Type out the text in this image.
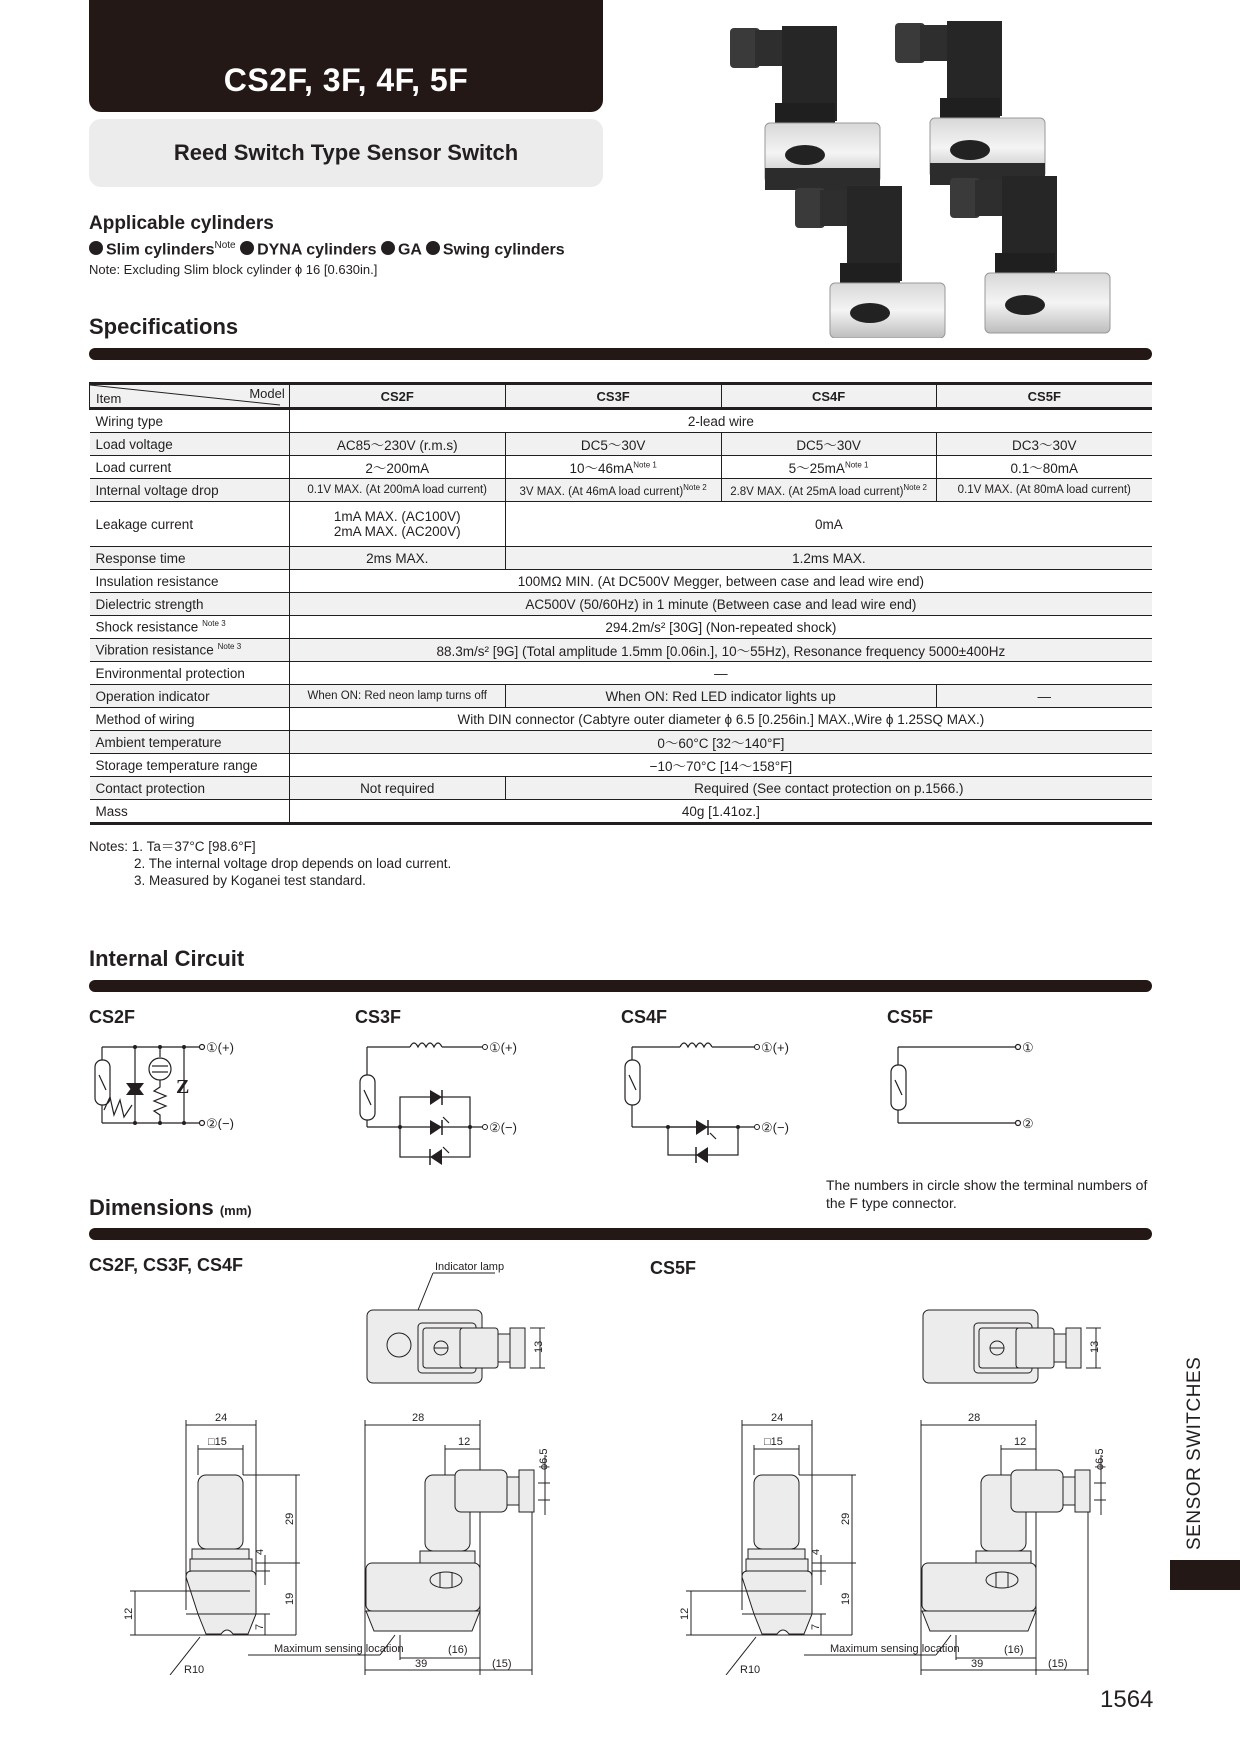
CS2F, 3F, 4F, 5F
Reed Switch Type Sensor Switch
Applicable cylinders
Slim cylinders$^{Note}$ DYNA cylinders GA Swing cylinders
Note: Excluding Slim block cylinder ϕ 16 [0.630in.]
Specifications
Item Model	CS2F	CS3F	CS4F	CS5F
Wiring type	2-lead wire			
Load voltage	AC85〜230V (r.m.s)	DC5〜30V	DC5〜30V	DC3〜30V
Load current	2〜200mA	10〜$46mA^{Note 1}$	5〜$25mA^{Note 1}$	0.1〜80mA
Internal voltage drop	0.1V MAX. (At 200mA load current)	3V MAX. (At 46mA load current)$^{Note 2}$	2.8V MAX. (At 25mA load current)$^{Note 2}$	0.1V MAX. (At 80mA load current)
Leakage current	1mA MAX. (AC100V)
2mA MAX. (AC200V)	0mA		
Response time	2ms MAX.	1.2ms MAX.		
Insulation resistance	100MΩ MIN. (At DC500V Megger, between case and lead wire end)			
Dielectric strength	AC500V (50/60Hz) in 1 minute (Between case and lead wire end)			
Shock resistance $^{Note 3}$	294.2m/s² [30G] (Non-repeated shock)			
Vibration resistance $^{Note 3}$	88.3m/s² [9G] (Total amplitude 1.5mm [0.06in.], 10〜55Hz), Resonance frequency 5000±400Hz			
Environmental protection	—			
Operation indicator	When ON: Red neon lamp turns off	When ON: Red LED indicator lights up		—
Method of wiring	With DIN connector (Cabtyre outer diameter ϕ 6.5 [0.256in.] MAX.,Wire ϕ 1.25SQ MAX.)			
Ambient temperature	0〜60°C [32〜140°F]			
Storage temperature range	−10〜70°C [14〜158°F]			
Contact protection	Not required	Required (See contact protection on p.1566.)		
Mass	40g [1.41oz.]			
Notes: 1. Ta＝37°C [98.6°F]
2. The internal voltage drop depends on load current.
3. Measured by Koganei test standard.
Internal Circuit
CS2F	CS3F	CS4F	CS5F
Z
①(+)
②(−)
①(+)
②(−)
①(+)
②(−)
①
②
The numbers in circle show the terminal numbers of the F type connector.
Dimensions (mm)
CS2F, CS3F, CS4F	CS5F
Indicator lamp
13
24
□15
28
12
ϕ6.5
29
4
19
12
7
R10
Maximum sensing location	(16)
39	(15)
13
24
□15
28
12
ϕ6.5
29
4
19
12
7
R10
Maximum sensing location	(16)
39	(15)
SENSOR SWITCHES
1564
